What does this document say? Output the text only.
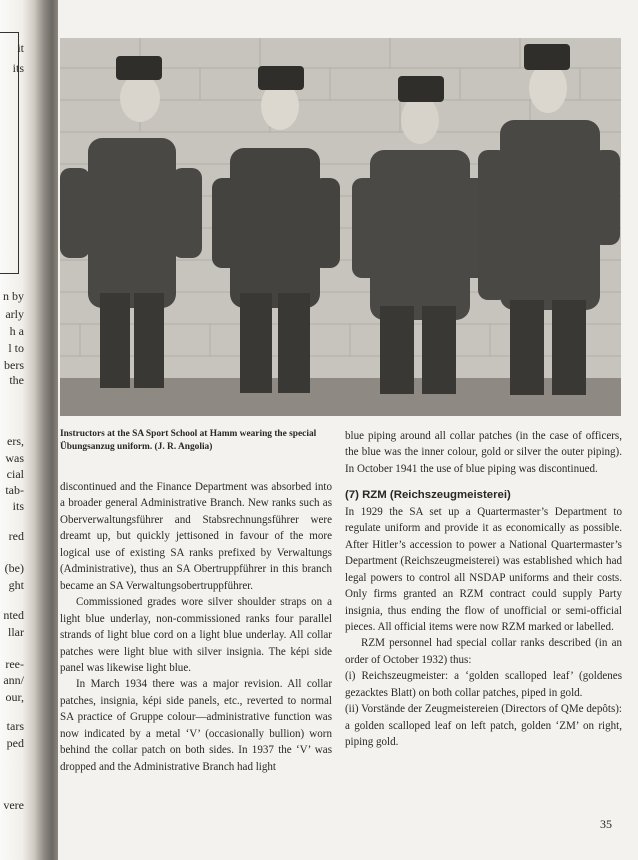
it
its
n by
arly
h a
l to
bers
the
ers,
was
cial
tab-
its
red
(be)
ght
nted
llar
ree-
ann/
our,
tars
ped
vere
Instructors at the SA Sport School at Hamm wearing the special Übungsanzug uniform. (J. R. Angolia)

discontinued and the Finance Department was absorbed into a broader general Administrative Branch. New ranks such as Oberverwaltungsführer and Stabsrechnungsführer were dreamt up, but quickly jettisoned in favour of the more logical use of existing SA ranks prefixed by Verwaltungs (Administrative), thus an SA Obertruppführer in this branch became an SA Verwaltungsobertruppführer.

Commissioned grades wore silver shoulder straps on a light blue underlay, non-commissioned ranks four parallel strands of light blue cord on a light blue underlay. All collar patches were light blue with silver insignia. The képi side panel was likewise light blue.

In March 1934 there was a major revision. All collar patches, insignia, képi side panels, etc., reverted to normal SA practice of Gruppe colour—administrative function was now indicated by a metal ‘V’ (occasionally bullion) worn behind the collar patch on both sides. In 1937 the ‘V’ was dropped and the Administrative Branch had light

blue piping around all collar patches (in the case of officers, the blue was the inner colour, gold or silver the outer piping). In October 1941 the use of blue piping was discontinued.

(7) RZM (Reichszeugmeisterei)

In 1929 the SA set up a Quartermaster’s Department to regulate uniform and provide it as economically as possible. After Hitler’s accession to power a National Quartermaster’s Department (Reichszeugmeisterei) was established which had legal powers to control all NSDAP uniforms and their costs. Only firms granted an RZM contract could supply Party insignia, thus ending the flow of unofficial or semi-official pieces. All official items were now RZM marked or labelled.

RZM personnel had special collar ranks described (in an order of October 1932) thus:

(i) Reichszeugmeister: a ‘golden scalloped leaf’ (goldenes gezacktes Blatt) on both collar patches, piped in gold.

(ii) Vorstände der Zeugmeistereien (Directors of QMe depôts): a golden scalloped leaf on left patch, golden ‘ZM’ on right, piping gold.

35
